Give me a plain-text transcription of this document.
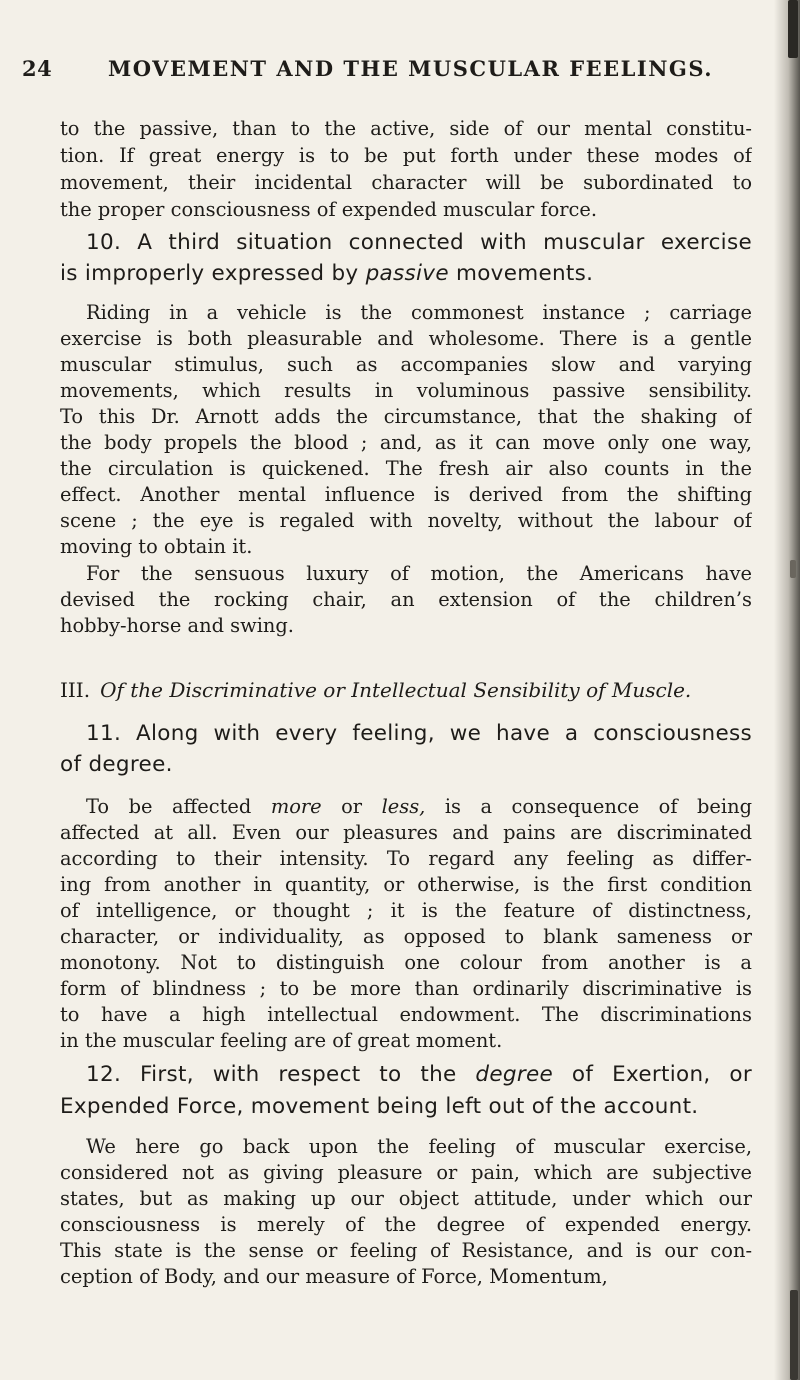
24	MOVEMENT AND THE MUSCULAR FEELINGS.
to the passive, than to the active, side of our mental constitu-
tion. If great energy is to be put forth under these modes of
movement, their incidental character will be subordinated to
the proper consciousness of expended muscular force.
10. A third situation connected with muscular exercise
is improperly expressed by passive movements.
Riding in a vehicle is the commonest instance ; carriage
exercise is both pleasurable and wholesome. There is a gentle
muscular stimulus, such as accompanies slow and varying
movements, which results in voluminous passive sensibility.
To this Dr. Arnott adds the circumstance, that the shaking of
the body propels the blood ; and, as it can move only one way,
the circulation is quickened. The fresh air also counts in the
effect. Another mental influence is derived from the shifting
scene ; the eye is regaled with novelty, without the labour of
moving to obtain it.
For the sensuous luxury of motion, the Americans have
devised the rocking chair, an extension of the children’s
hobby-horse and swing.
III. Of the Discriminative or Intellectual Sensibility of Muscle.
11. Along with every feeling, we have a consciousness
of degree.
To be affected more or less, is a consequence of being
affected at all. Even our pleasures and pains are discriminated
according to their intensity. To regard any feeling as differ-
ing from another in quantity, or otherwise, is the first condition
of intelligence, or thought ; it is the feature of distinctness,
character, or individuality, as opposed to blank sameness or
monotony. Not to distinguish one colour from another is a
form of blindness ; to be more than ordinarily discriminative is
to have a high intellectual endowment. The discriminations
in the muscular feeling are of great moment.
12. First, with respect to the degree of Exertion, or
Expended Force, movement being left out of the account.
We here go back upon the feeling of muscular exercise,
considered not as giving pleasure or pain, which are subjective
states, but as making up our object attitude, under which our
consciousness is merely of the degree of expended energy.
This state is the sense or feeling of Resistance, and is our con-
ception of Body, and our measure of Force, Momentum,
